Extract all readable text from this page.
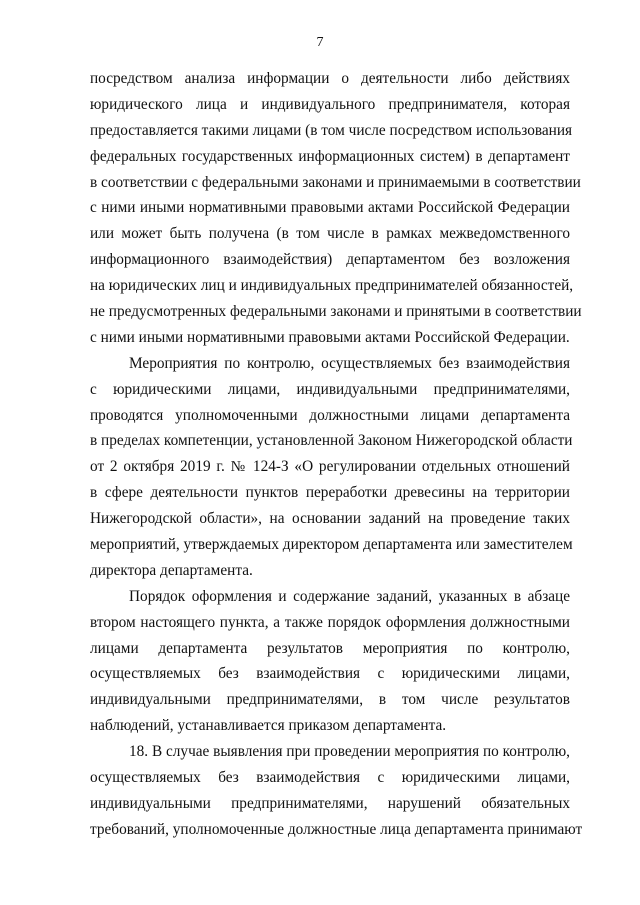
7
посредством анализа информации о деятельности либо действиях
юридического лица и индивидуального предпринимателя, которая
предоставляется такими лицами (в том числе посредством использования
федеральных государственных информационных систем) в департамент
в соответствии с федеральными законами и принимаемыми в соответствии
с ними иными нормативными правовыми актами Российской Федерации
или может быть получена (в том числе в рамках межведомственного
информационного взаимодействия) департаментом без возложения
на юридических лиц и индивидуальных предпринимателей обязанностей,
не предусмотренных федеральными законами и принятыми в соответствии
с ними иными нормативными правовыми актами Российской Федерации.
Мероприятия по контролю, осуществляемых без взаимодействия
с юридическими лицами, индивидуальными предпринимателями,
проводятся уполномоченными должностными лицами департамента
в пределах компетенции, установленной Законом Нижегородской области
от 2 октября 2019 г. № 124-З «О регулировании отдельных отношений
в сфере деятельности пунктов переработки древесины на территории
Нижегородской области», на основании заданий на проведение таких
мероприятий, утверждаемых директором департамента или заместителем
директора департамента.
Порядок оформления и содержание заданий, указанных в абзаце
втором настоящего пункта, а также порядок оформления должностными
лицами департамента результатов мероприятия по контролю,
осуществляемых без взаимодействия с юридическими лицами,
индивидуальными предпринимателями, в том числе результатов
наблюдений, устанавливается приказом департамента.
18. В случае выявления при проведении мероприятия по контролю,
осуществляемых без взаимодействия с юридическими лицами,
индивидуальными предпринимателями, нарушений обязательных
требований, уполномоченные должностные лица департамента принимают
